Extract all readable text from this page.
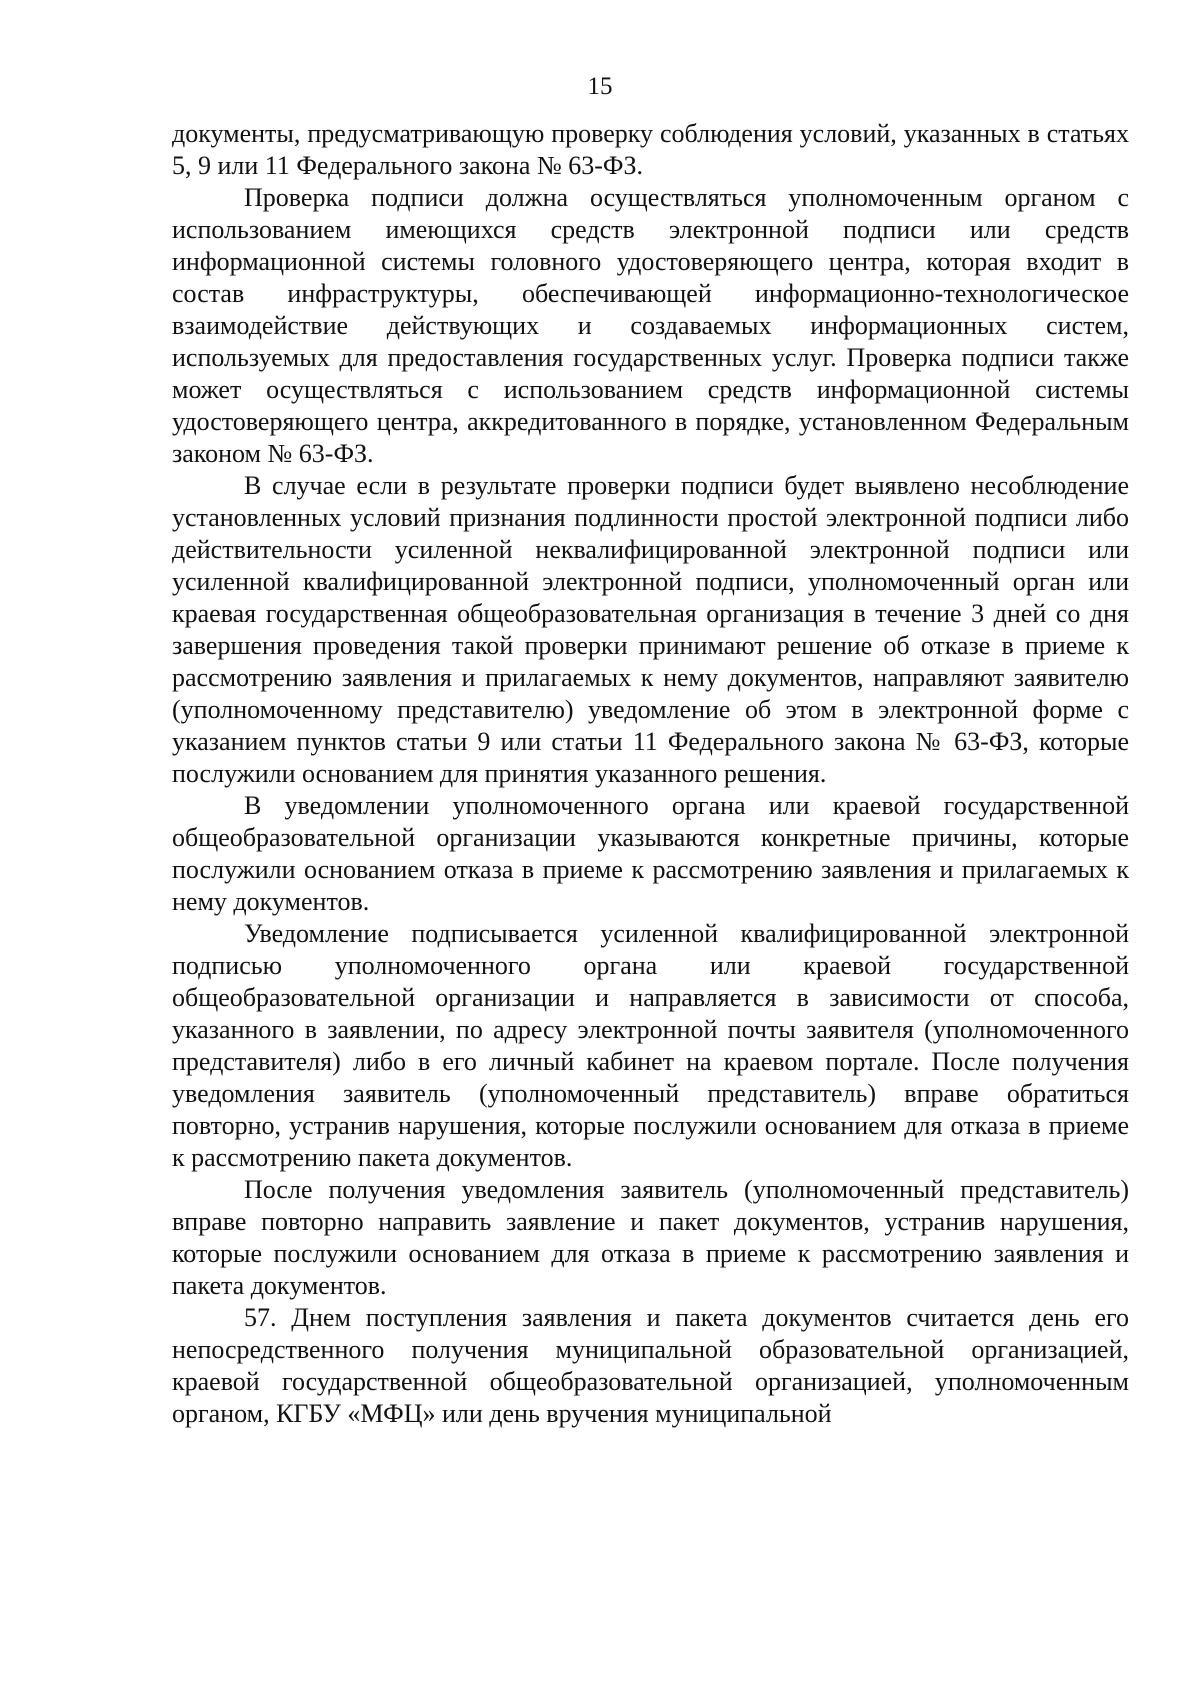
15

документы, предусматривающую проверку соблюдения условий, указанных в статьях 5, 9 или 11 Федерального закона № 63-ФЗ.

Проверка подписи должна осуществляться уполномоченным органом с использованием имеющихся средств электронной подписи или средств информационной системы головного удостоверяющего центра, которая входит в состав инфраструктуры, обеспечивающей информационно-технологическое взаимодействие действующих и создаваемых информационных систем, используемых для предоставления государственных услуг. Проверка подписи также может осуществляться с использованием средств информационной системы удостоверяющего центра, аккредитованного в порядке, установленном Федеральным законом № 63-ФЗ.

В случае если в результате проверки подписи будет выявлено несоблюдение установленных условий признания подлинности простой электронной подписи либо действительности усиленной неквалифицированной электронной подписи или усиленной квалифицированной электронной подписи, уполномоченный орган или краевая государственная общеобразовательная организация в течение 3 дней со дня завершения проведения такой проверки принимают решение об отказе в приеме к рассмотрению заявления и прилагаемых к нему документов, направляют заявителю (уполномоченному представителю) уведомление об этом в электронной форме с указанием пунктов статьи 9 или статьи 11 Федерального закона № 63-ФЗ, которые послужили основанием для принятия указанного решения.

В уведомлении уполномоченного органа или краевой государственной общеобразовательной организации указываются конкретные причины, которые послужили основанием отказа в приеме к рассмотрению заявления и прилагаемых к нему документов.

Уведомление подписывается усиленной квалифицированной электронной подписью уполномоченного органа или краевой государственной общеобразовательной организации и направляется в зависимости от способа, указанного в заявлении, по адресу электронной почты заявителя (уполномоченного представителя) либо в его личный кабинет на краевом портале. После получения уведомления заявитель (уполномоченный представитель) вправе обратиться повторно, устранив нарушения, которые послужили основанием для отказа в приеме к рассмотрению пакета документов.

После получения уведомления заявитель (уполномоченный представитель) вправе повторно направить заявление и пакет документов, устранив нарушения, которые послужили основанием для отказа в приеме к рассмотрению заявления и пакета документов.

57. Днем поступления заявления и пакета документов считается день его непосредственного получения муниципальной образовательной организацией, краевой государственной общеобразовательной организацией, уполномоченным органом, КГБУ «МФЦ» или день вручения муниципальной
